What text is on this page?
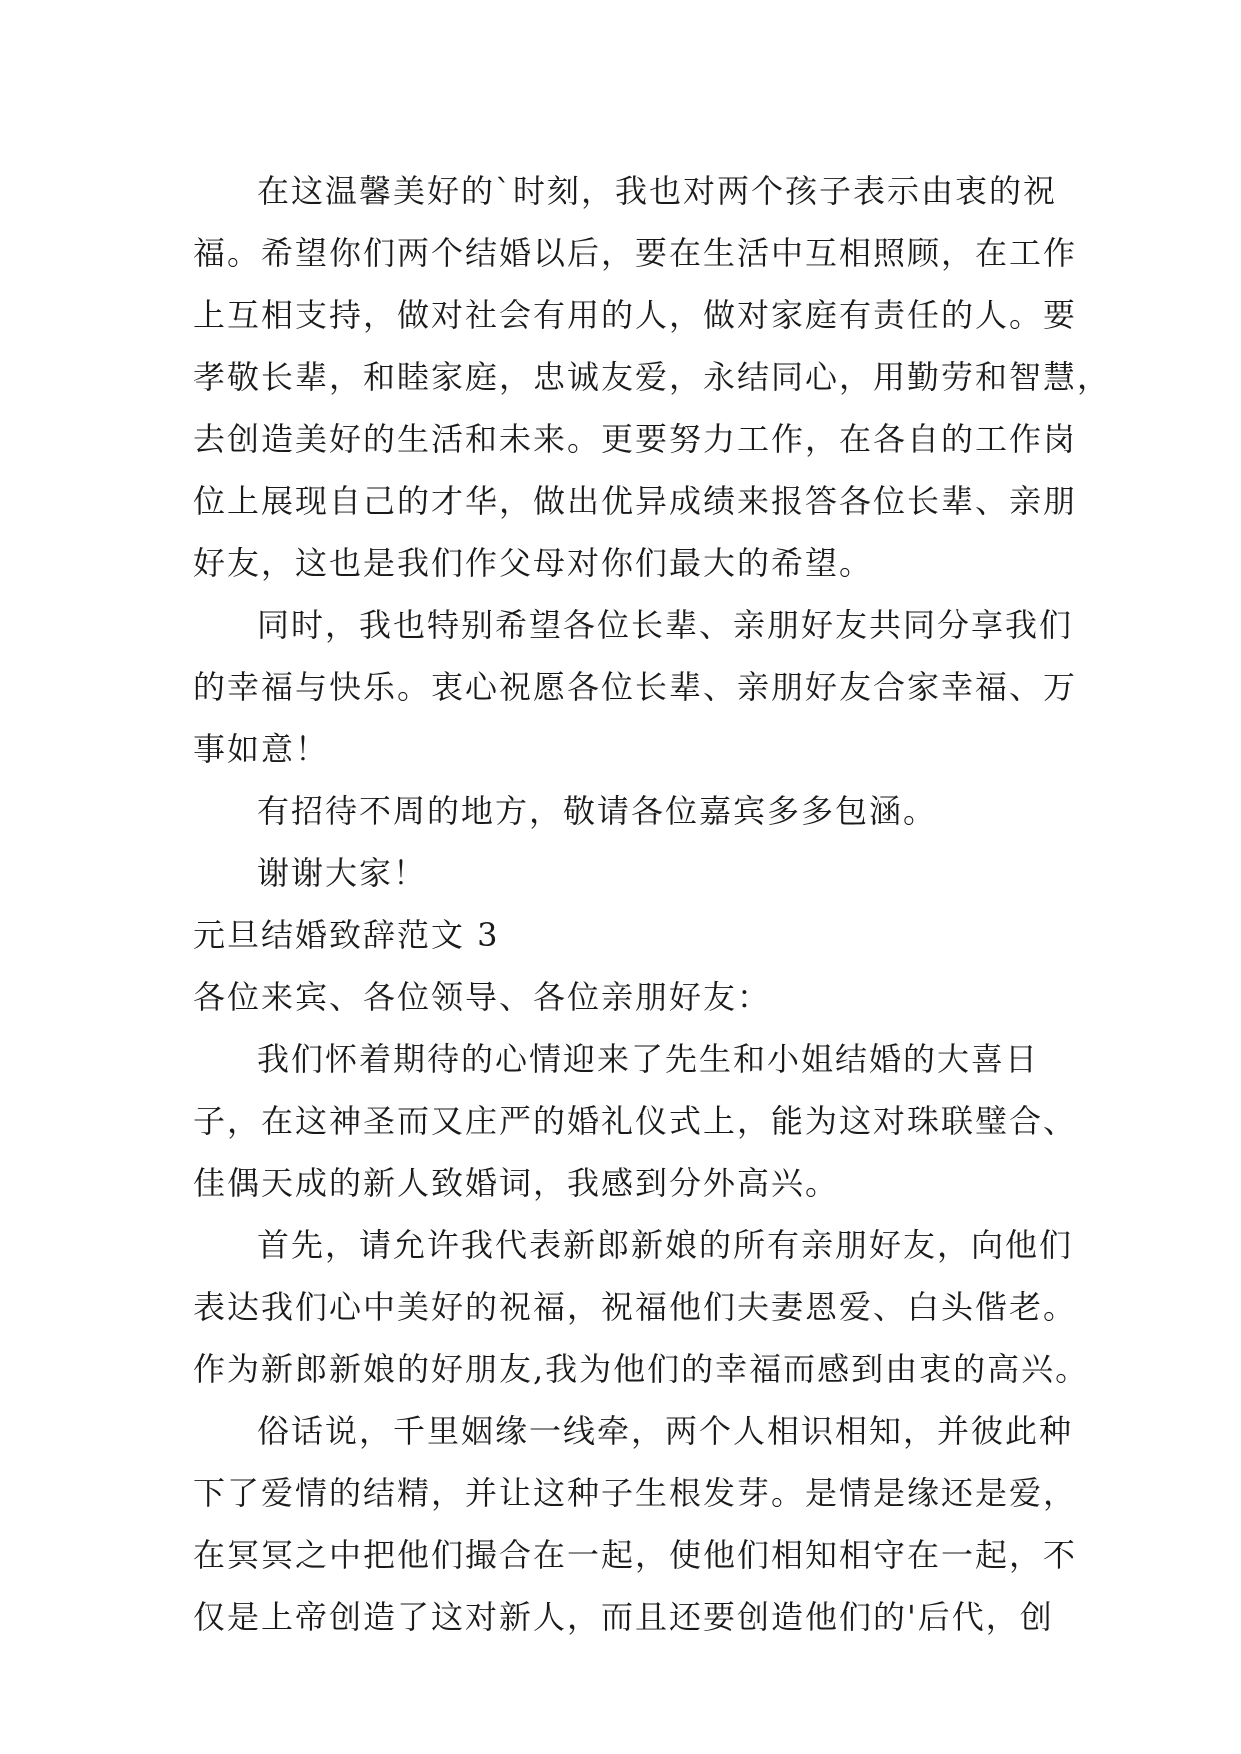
在这温馨美好的`时刻，我也对两个孩子表示由衷的祝
福。希望你们两个结婚以后，要在生活中互相照顾，在工作
上互相支持，做对社会有用的人，做对家庭有责任的人。要
孝敬长辈，和睦家庭，忠诚友爱，永结同心，用勤劳和智慧，
去创造美好的生活和未来。更要努力工作，在各自的工作岗
位上展现自己的才华，做出优异成绩来报答各位长辈、亲朋
好友，这也是我们作父母对你们最大的希望。
同时，我也特别希望各位长辈、亲朋好友共同分享我们
的幸福与快乐。衷心祝愿各位长辈、亲朋好友合家幸福、万
事如意！
有招待不周的地方，敬请各位嘉宾多多包涵。
谢谢大家！
元旦结婚致辞范文 3
各位来宾、各位领导、各位亲朋好友：
我们怀着期待的心情迎来了先生和小姐结婚的大喜日
子，在这神圣而又庄严的婚礼仪式上，能为这对珠联璧合、
佳偶天成的新人致婚词，我感到分外高兴。
首先，请允许我代表新郎新娘的所有亲朋好友，向他们
表达我们心中美好的祝福，祝福他们夫妻恩爱、白头偕老。
作为新郎新娘的好朋友,我为他们的幸福而感到由衷的高兴。
俗话说，千里姻缘一线牵，两个人相识相知，并彼此种
下了爱情的结精，并让这种子生根发芽。是情是缘还是爱，
在冥冥之中把他们撮合在一起，使他们相知相守在一起，不
仅是上帝创造了这对新人，而且还要创造他们的'后代，创
